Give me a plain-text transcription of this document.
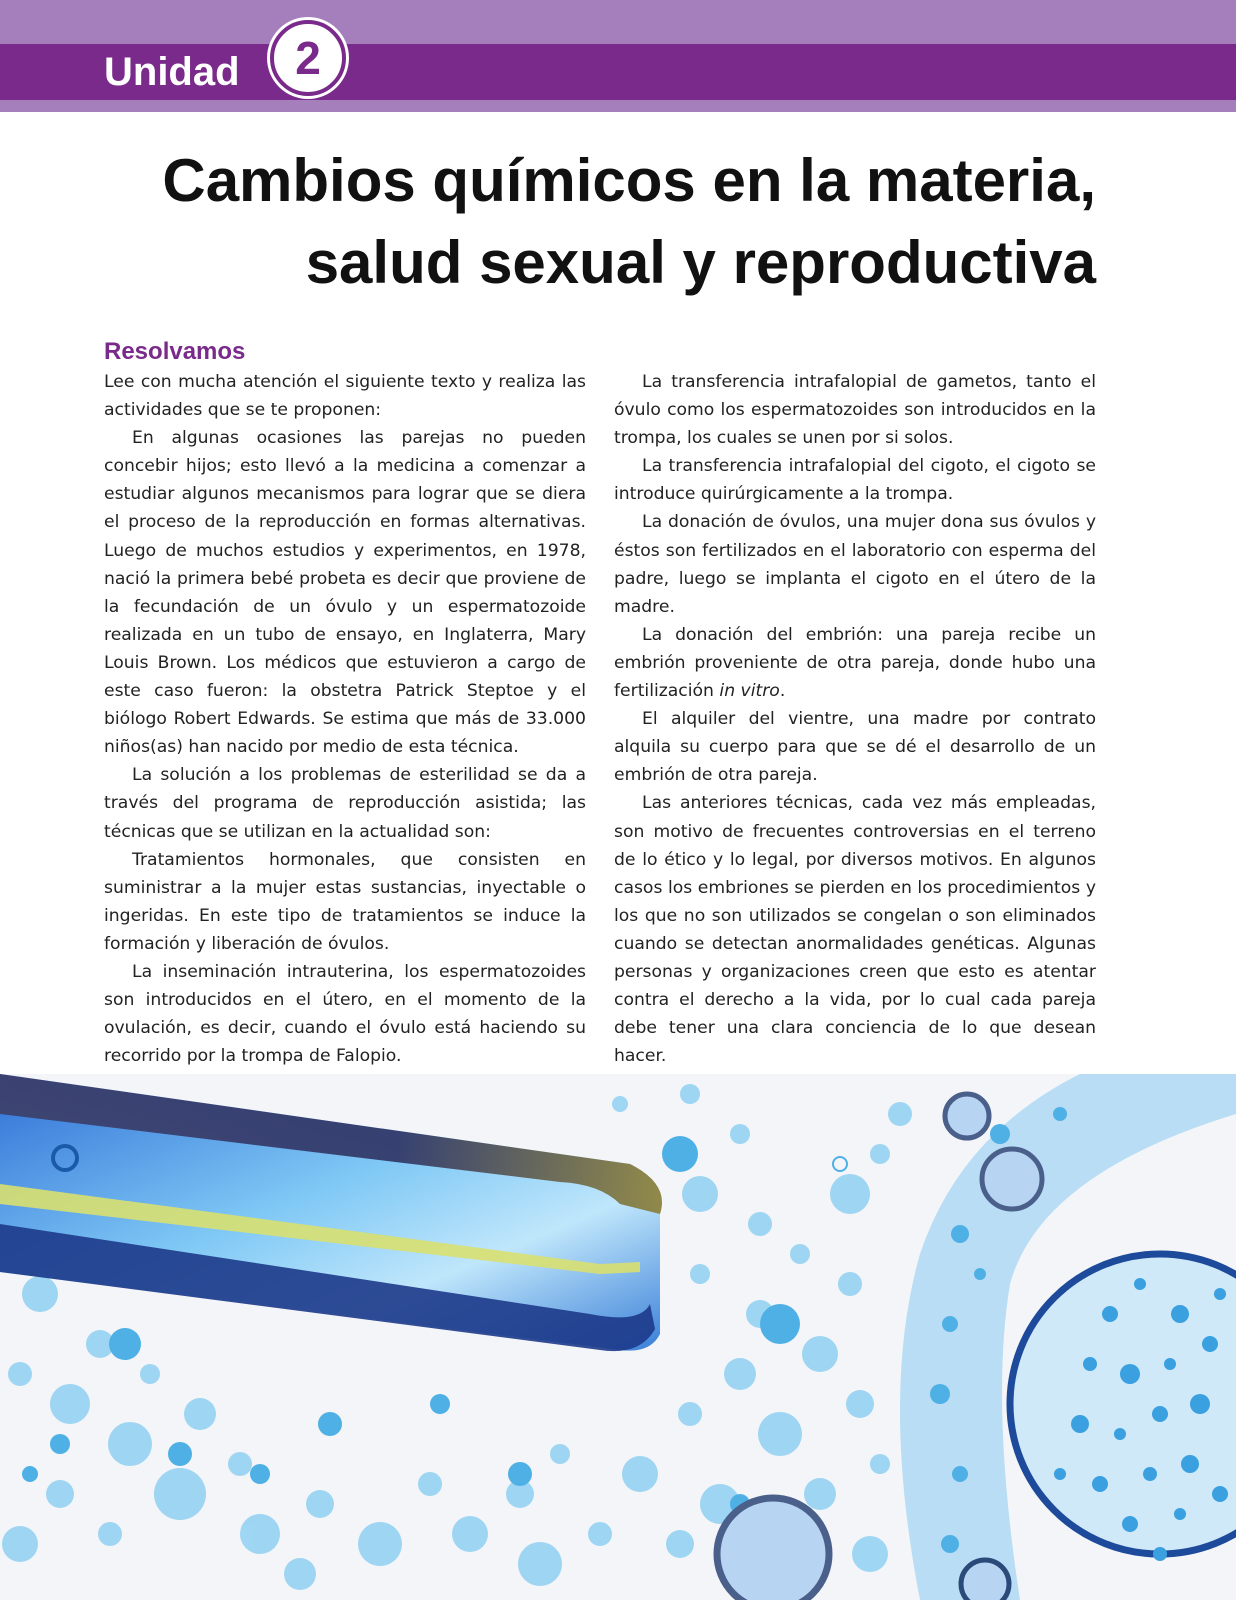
Unidad	2
Cambios químicos en la materia,
salud sexual y reproductiva
Resolvamos

Lee con mucha atención el siguiente texto y realiza las actividades que se te proponen:

En algunas ocasiones las parejas no pueden concebir hijos; esto llevó a la medicina a comenzar a estudiar algunos mecanismos para lograr que se diera el proceso de la reproducción en formas alternativas. Luego de muchos estudios y experimentos, en 1978, nació la primera bebé probeta es decir que proviene de la fecundación de un óvulo y un espermatozoide realizada en un tubo de ensayo, en Inglaterra, Mary Louis Brown. Los médicos que estuvieron a cargo de este caso fueron: la obstetra Patrick Steptoe y el biólogo Robert Edwards. Se estima que más de 33.000 niños(as) han nacido por medio de esta técnica.

La solución a los problemas de esterilidad se da a través del programa de reproducción asistida; las técnicas que se utilizan en la actualidad son:

Tratamientos hormonales, que consisten en suministrar a la mujer estas sustancias, inyectable o ingeridas. En este tipo de tratamientos se induce la formación y liberación de óvulos.

La inseminación intrauterina, los espermatozoides son introducidos en el útero, en el momento de la ovulación, es decir, cuando el óvulo está haciendo su recorrido por la trompa de Falopio.

La transferencia intrafalopial de gametos, tanto el óvulo como los espermatozoides son introducidos en la trompa, los cuales se unen por si solos.

La transferencia intrafalopial del cigoto, el cigoto se introduce quirúrgicamente a la trompa.

La donación de óvulos, una mujer dona sus óvulos y éstos son fertilizados en el laboratorio con esperma del padre, luego se implanta el cigoto en el útero de la madre.

La donación del embrión: una pareja recibe un embrión proveniente de otra pareja, donde hubo una fertilización in vitro.

El alquiler del vientre, una madre por contrato alquila su cuerpo para que se dé el desarrollo de un embrión de otra pareja.

Las anteriores técnicas, cada vez más empleadas, son motivo de frecuentes controversias en el terreno de lo ético y lo legal, por diversos motivos. En algunos casos los embriones se pierden en los procedimientos y los que no son utilizados se congelan o son eliminados cuando se detectan anormalidades genéticas. Algunas personas y organizaciones creen que esto es atentar contra el derecho a la vida, por lo cual cada pareja debe tener una clara conciencia de lo que desean hacer.
